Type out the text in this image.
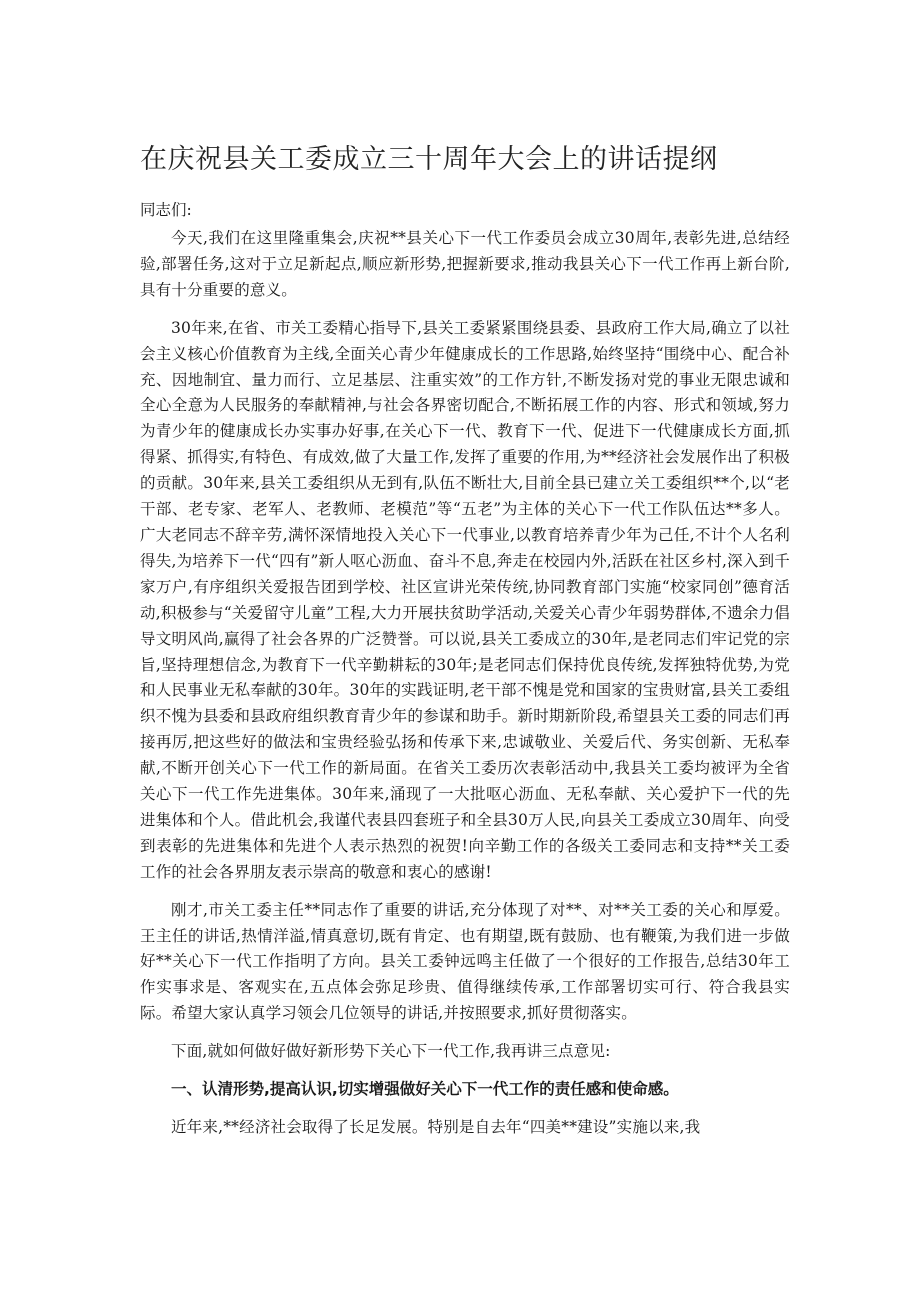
在庆祝县关工委成立三十周年大会上的讲话提纲

同志们:

今天,我们在这里隆重集会,庆祝**县关心下一代工作委员会成立30周年,表彰先进,总结经验,部署任务,这对于立足新起点,顺应新形势,把握新要求,推动我县关心下一代工作再上新台阶,具有十分重要的意义。

30年来,在省、市关工委精心指导下,县关工委紧紧围绕县委、县政府工作大局,确立了以社会主义核心价值教育为主线,全面关心青少年健康成长的工作思路,始终坚持“围绕中心、配合补充、因地制宜、量力而行、立足基层、注重实效”的工作方针,不断发扬对党的事业无限忠诚和全心全意为人民服务的奉献精神,与社会各界密切配合,不断拓展工作的内容、形式和领域,努力为青少年的健康成长办实事办好事,在关心下一代、教育下一代、促进下一代健康成长方面,抓得紧、抓得实,有特色、有成效,做了大量工作,发挥了重要的作用,为**经济社会发展作出了积极的贡献。30年来,县关工委组织从无到有,队伍不断壮大,目前全县已建立关工委组织**个,以“老干部、老专家、老军人、老教师、老模范”等“五老”为主体的关心下一代工作队伍达**多人。广大老同志不辞辛劳,满怀深情地投入关心下一代事业,以教育培养青少年为己任,不计个人名利得失,为培养下一代“四有”新人呕心沥血、奋斗不息,奔走在校园内外,活跃在社区乡村,深入到千家万户,有序组织关爱报告团到学校、社区宣讲光荣传统,协同教育部门实施“校家同创”德育活动,积极参与“关爱留守儿童”工程,大力开展扶贫助学活动,关爱关心青少年弱势群体,不遗余力倡导文明风尚,赢得了社会各界的广泛赞誉。可以说,县关工委成立的30年,是老同志们牢记党的宗旨,坚持理想信念,为教育下一代辛勤耕耘的30年;是老同志们保持优良传统,发挥独特优势,为党和人民事业无私奉献的30年。30年的实践证明,老干部不愧是党和国家的宝贵财富,县关工委组织不愧为县委和县政府组织教育青少年的参谋和助手。新时期新阶段,希望县关工委的同志们再接再厉,把这些好的做法和宝贵经验弘扬和传承下来,忠诚敬业、关爱后代、务实创新、无私奉献,不断开创关心下一代工作的新局面。在省关工委历次表彰活动中,我县关工委均被评为全省关心下一代工作先进集体。30年来,涌现了一大批呕心沥血、无私奉献、关心爱护下一代的先进集体和个人。借此机会,我谨代表县四套班子和全县30万人民,向县关工委成立30周年、向受到表彰的先进集体和先进个人表示热烈的祝贺!向辛勤工作的各级关工委同志和支持**关工委工作的社会各界朋友表示崇高的敬意和衷心的感谢!

刚才,市关工委主任**同志作了重要的讲话,充分体现了对**、对**关工委的关心和厚爱。王主任的讲话,热情洋溢,情真意切,既有肯定、也有期望,既有鼓励、也有鞭策,为我们进一步做好**关心下一代工作指明了方向。县关工委钟远鸣主任做了一个很好的工作报告,总结30年工作实事求是、客观实在,五点体会弥足珍贵、值得继续传承,工作部署切实可行、符合我县实际。希望大家认真学习领会几位领导的讲话,并按照要求,抓好贯彻落实。

下面,就如何做好做好新形势下关心下一代工作,我再讲三点意见:

一、认清形势,提高认识,切实增强做好关心下一代工作的责任感和使命感。

近年来,**经济社会取得了长足发展。特别是自去年“四美**建设”实施以来,我
